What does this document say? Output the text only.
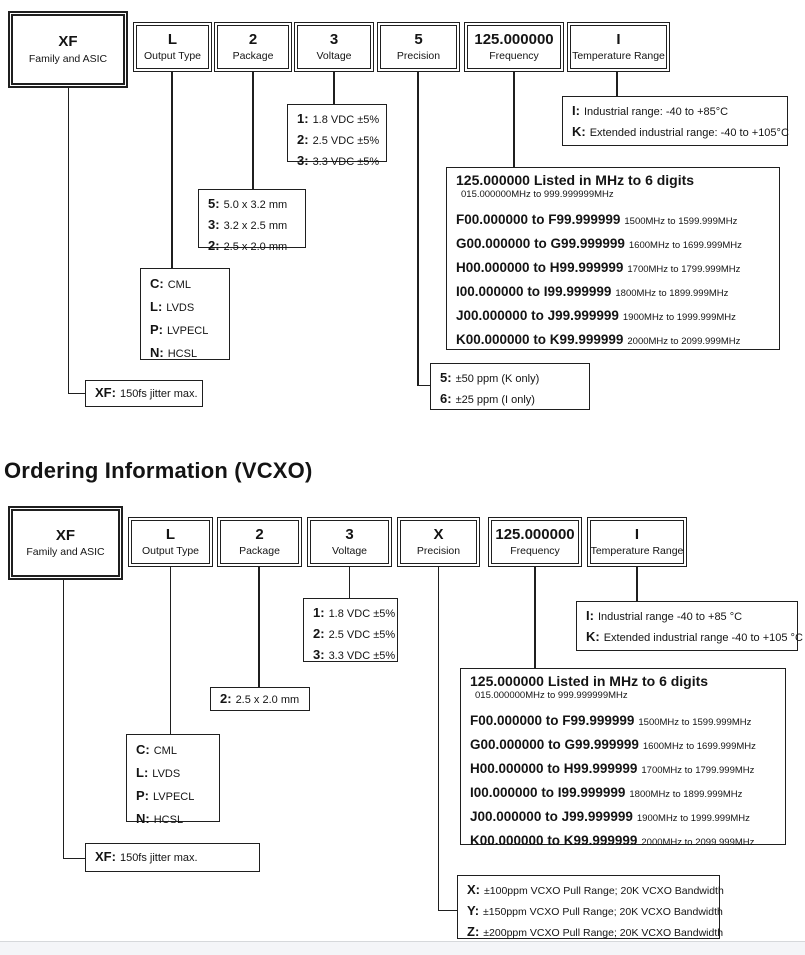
XF
Family and ASIC
L
Output Type
2
Package
3
Voltage
5
Precision
125.000000
Frequency
I
Temperature Range
I: Industrial range: -40 to +85°C
K: Extended industrial range: -40 to +105°C
1: 1.8 VDC ±5%
2: 2.5 VDC ±5%
3: 3.3 VDC ±5%
125.000000 Listed in MHz to 6 digits
015.000000MHz to 999.999999MHz
F00.000000 to F99.999999 1500MHz to 1599.999MHz
G00.000000 to G99.999999 1600MHz to 1699.999MHz
H00.000000 to H99.999999 1700MHz to 1799.999MHz
I00.000000 to I99.999999 1800MHz to 1899.999MHz
J00.000000 to J99.999999 1900MHz to 1999.999MHz
K00.000000 to K99.999999 2000MHz to 2099.999MHz
5: 5.0 x 3.2 mm
3: 3.2 x 2.5 mm
2: 2.5 x 2.0 mm
C: CML
L: LVDS
P: LVPECL
N: HCSL
5: ±50 ppm (K only)
6: ±25 ppm (I only)
XF: 150fs jitter max.
Ordering Information (VCXO)
XF
Family and ASIC
L
Output Type
2
Package
3
Voltage
X
Precision
125.000000
Frequency
I
Temperature Range
I: Industrial range -40 to +85 °C
K: Extended industrial range -40 to +105 °C
1: 1.8 VDC ±5%
2: 2.5 VDC ±5%
3: 3.3 VDC ±5%
125.000000 Listed in MHz to 6 digits
015.000000MHz to 999.999999MHz
F00.000000 to F99.999999 1500MHz to 1599.999MHz
G00.000000 to G99.999999 1600MHz to 1699.999MHz
H00.000000 to H99.999999 1700MHz to 1799.999MHz
I00.000000 to I99.999999 1800MHz to 1899.999MHz
J00.000000 to J99.999999 1900MHz to 1999.999MHz
K00.000000 to K99.999999 2000MHz to 2099.999MHz
2: 2.5 x 2.0 mm
C: CML
L: LVDS
P: LVPECL
N: HCSL
XF: 150fs jitter max.
X: ±100ppm VCXO Pull Range; 20K VCXO Bandwidth
Y: ±150ppm VCXO Pull Range; 20K VCXO Bandwidth
Z: ±200ppm VCXO Pull Range; 20K VCXO Bandwidth
